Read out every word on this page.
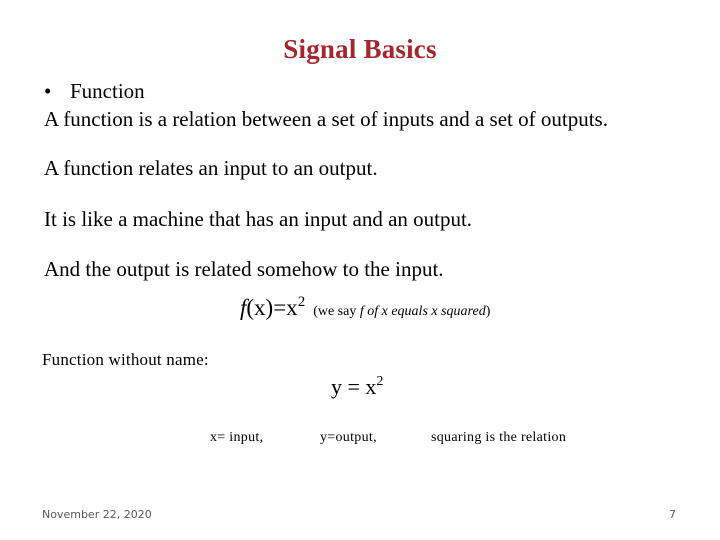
Signal Basics
• Function
A function is a relation between a set of inputs and a set of outputs.
A function relates an input to an output.
It is like a machine that has an input and an output.
And the output is related somehow to the input.
$f(x)=x^2$ (we say f of x equals x squared)
Function without name:
$y = x^2$
x= input,	y=output,	squaring is the relation
November 22, 2020	7
